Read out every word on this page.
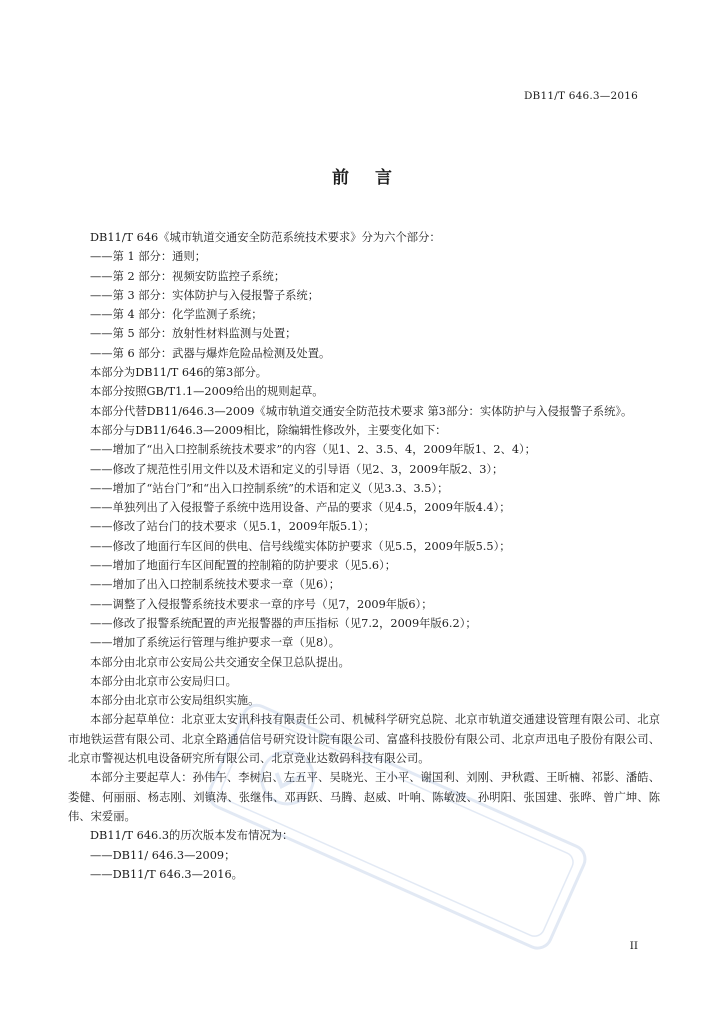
DB11/T 646.3—2016
前 言

DB11/T 646《城市轨道交通安全防范系统技术要求》分为六个部分：

——第 1 部分：通则；

——第 2 部分：视频安防监控子系统；

——第 3 部分：实体防护与入侵报警子系统；

——第 4 部分：化学监测子系统；

——第 5 部分：放射性材料监测与处置；

——第 6 部分：武器与爆炸危险品检测及处置。

本部分为DB11/T 646的第3部分。

本部分按照GB/T1.1—2009给出的规则起草。

本部分代替DB11/646.3—2009《城市轨道交通安全防范技术要求 第3部分：实体防护与入侵报警子系统》。

本部分与DB11/646.3—2009相比，除编辑性修改外，主要变化如下：

——增加了“出入口控制系统技术要求”的内容（见1、2、3.5、4，2009年版1、2、4）；

——修改了规范性引用文件以及术语和定义的引导语（见2、3，2009年版2、3）；

——增加了“站台门”和“出入口控制系统”的术语和定义（见3.3、3.5）；

——单独列出了入侵报警子系统中选用设备、产品的要求（见4.5，2009年版4.4）；

——修改了站台门的技术要求（见5.1，2009年版5.1）；

——修改了地面行车区间的供电、信号线缆实体防护要求（见5.5，2009年版5.5）；

——增加了地面行车区间配置的控制箱的防护要求（见5.6）；

——增加了出入口控制系统技术要求一章（见6）；

——调整了入侵报警系统技术要求一章的序号（见7，2009年版6）；

——修改了报警系统配置的声光报警器的声压指标（见7.2，2009年版6.2）；

——增加了系统运行管理与维护要求一章（见8）。

本部分由北京市公安局公共交通安全保卫总队提出。

本部分由北京市公安局归口。

本部分由北京市公安局组织实施。

本部分起草单位：北京亚太安讯科技有限责任公司、机械科学研究总院、北京市轨道交通建设管理有限公司、北京市地铁运营有限公司、北京全路通信信号研究设计院有限公司、富盛科技股份有限公司、北京声迅电子股份有限公司、北京市警视达机电设备研究所有限公司、北京竞业达数码科技有限公司。

本部分主要起草人：孙伟午、李树启、左五平、吴晓光、王小平、谢国利、刘刚、尹秋霞、王昕楠、祁影、潘皓、娄健、何丽丽、杨志刚、刘镇涛、张继伟、邓再跃、马腾、赵威、叶响、陈敏波、孙明阳、张国建、张晔、曾广坤、陈伟、宋爱丽。

DB11/T 646.3的历次版本发布情况为：

——DB11/ 646.3—2009；

——DB11/T 646.3—2016。

II
